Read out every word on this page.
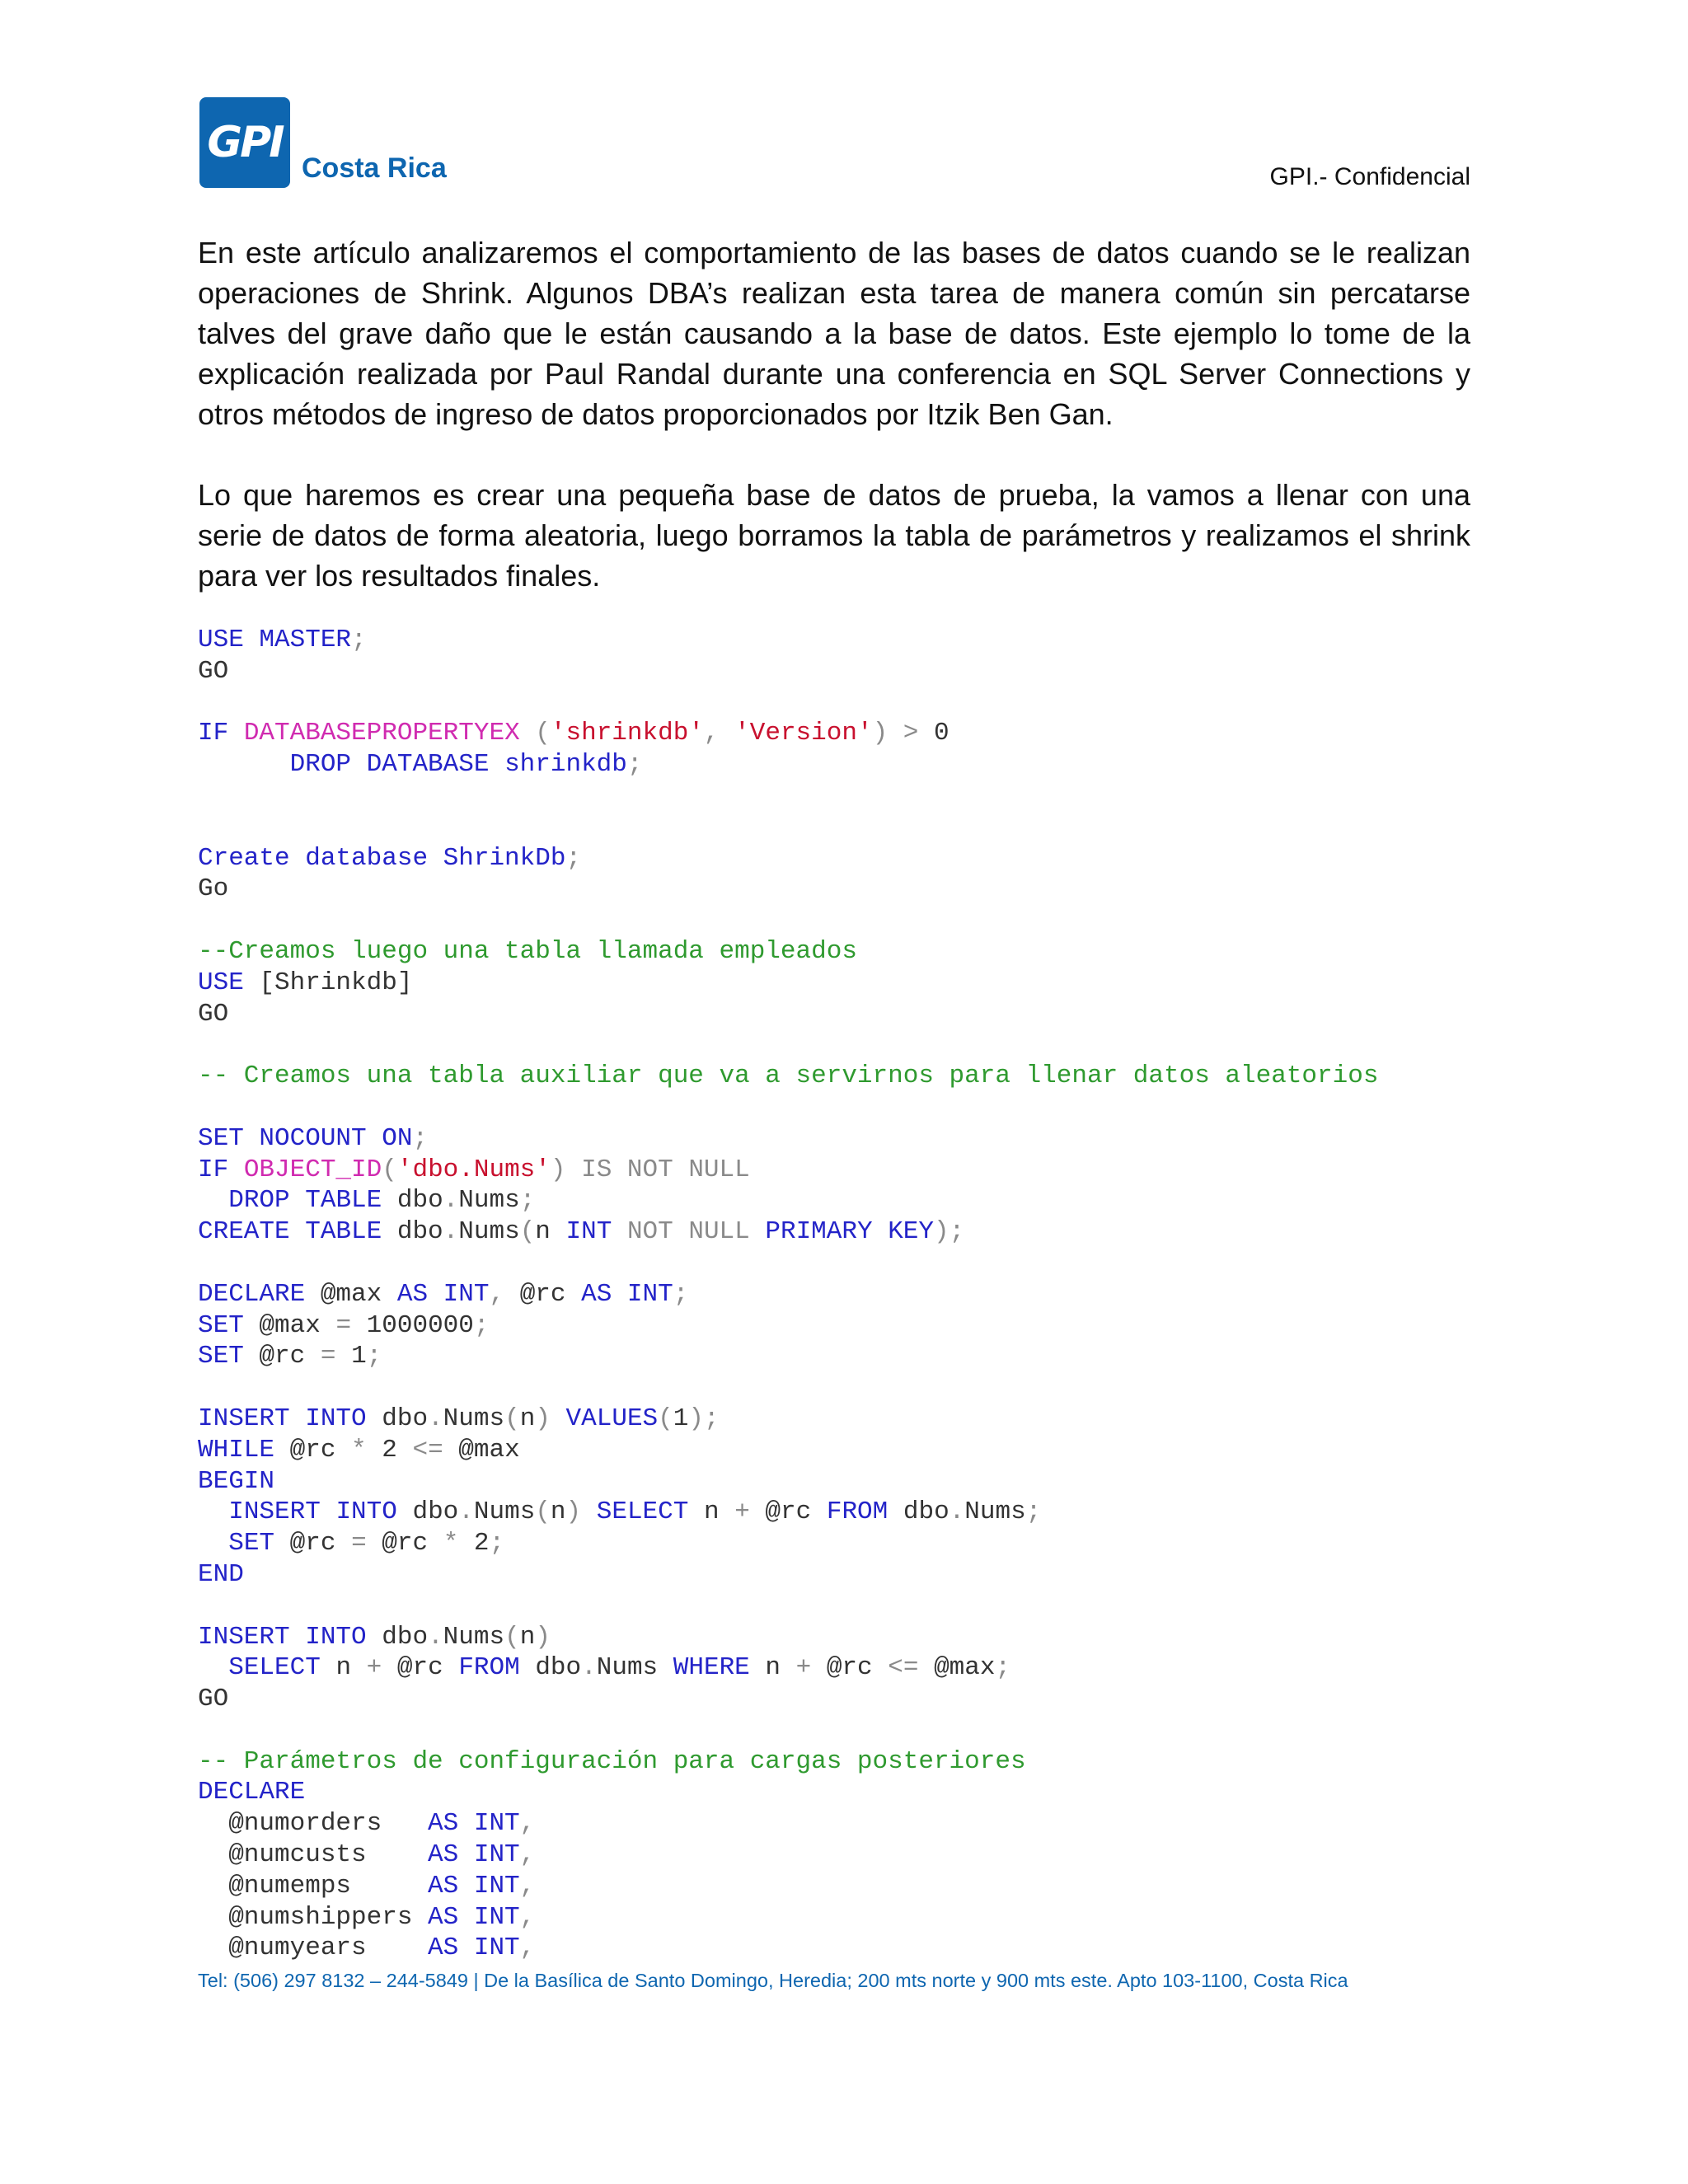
GPI
Costa Rica	GPI.- Confidencial

En este artículo analizaremos el comportamiento de las bases de datos cuando se le realizan operaciones de Shrink. Algunos DBA’s realizan esta tarea de manera común sin percatarse talves del grave daño que le están causando a la base de datos. Este ejemplo lo tome de la explicación realizada por Paul Randal durante una conferencia en SQL Server Connections y otros métodos de ingreso de datos proporcionados por Itzik Ben Gan.

Lo que haremos es crear una pequeña base de datos de prueba, la vamos a llenar con una serie de datos de forma aleatoria, luego borramos la tabla de parámetros y realizamos el shrink para ver los resultados finales.

USE MASTER;
GO
IF DATABASEPROPERTYEX ('shrinkdb', 'Version') > 0
DROP DATABASE shrinkdb;
Create database ShrinkDb;
Go
--Creamos luego una tabla llamada empleados
USE [Shrinkdb]
GO
-- Creamos una tabla auxiliar que va a servirnos para llenar datos aleatorios
SET NOCOUNT ON;
IF OBJECT_ID('dbo.Nums') IS NOT NULL
DROP TABLE dbo.Nums;
CREATE TABLE dbo.Nums(n INT NOT NULL PRIMARY KEY);
DECLARE @max AS INT, @rc AS INT;
SET @max = 1000000;
SET @rc = 1;
INSERT INTO dbo.Nums(n) VALUES(1);
WHILE @rc * 2 <= @max
BEGIN
INSERT INTO dbo.Nums(n) SELECT n + @rc FROM dbo.Nums;
SET @rc = @rc * 2;
END
INSERT INTO dbo.Nums(n)
SELECT n + @rc FROM dbo.Nums WHERE n + @rc <= @max;
GO
-- Parámetros de configuración para cargas posteriores
DECLARE
@numorders   AS INT,
@numcusts    AS INT,
@numemps     AS INT,
@numshippers AS INT,
@numyears    AS INT,
Tel: (506) 297 8132 – 244-5849 | De la Basílica de Santo Domingo, Heredia; 200 mts norte y 900 mts este. Apto 103-1100, Costa Rica
